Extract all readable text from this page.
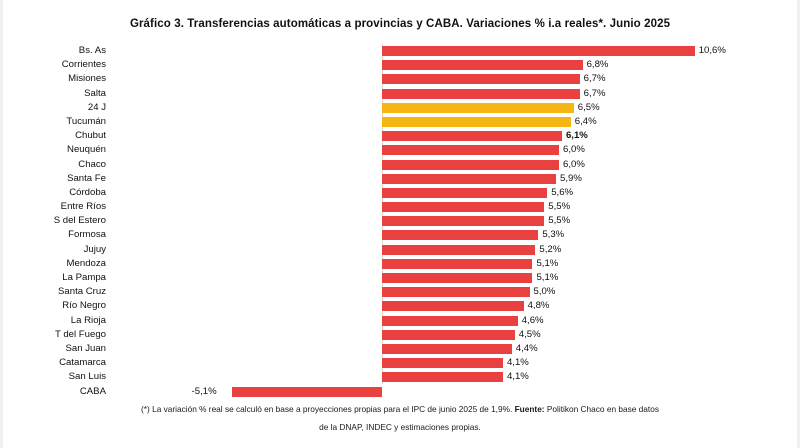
Gráfico 3. Transferencias automáticas a provincias y CABA. Variaciones % i.a reales*. Junio 2025
Bs. As	10,6%
Corrientes	6,8%
Misiones	6,7%
Salta	6,7%
24 J	6,5%
Tucumán	6,4%
Chubut	6,1%
Neuquén	6,0%
Chaco	6,0%
Santa Fe	5,9%
Córdoba	5,6%
Entre Ríos	5,5%
S del Estero	5,5%
Formosa	5,3%
Jujuy	5,2%
Mendoza	5,1%
La Pampa	5,1%
Santa Cruz	5,0%
Río Negro	4,8%
La Rioja	4,6%
T del Fuego	4,5%
San Juan	4,4%
Catamarca	4,1%
San Luis	4,1%
CABA	-5,1%
(*) La variación % real se calculó en base a proyecciones propias para el IPC de junio 2025 de 1,9%. Fuente: Politikon Chaco en base datos
de la DNAP, INDEC y estimaciones propias.
